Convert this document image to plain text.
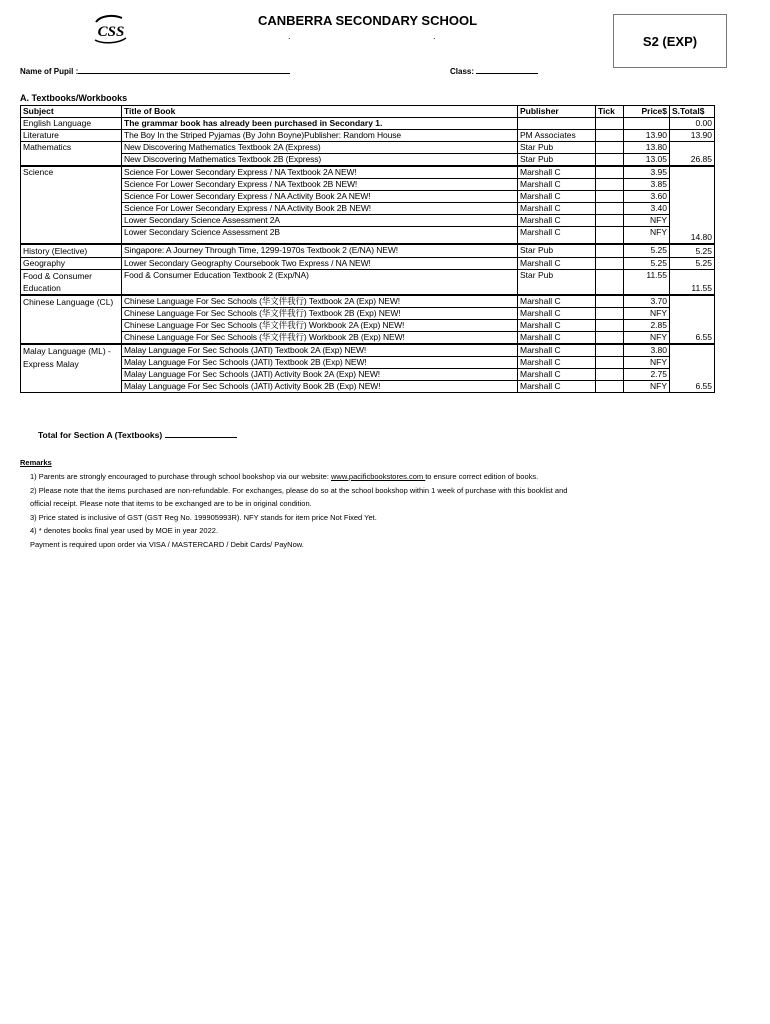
CSS
CANBERRA SECONDARY SCHOOL
. .	S2 (EXP)
Name of Pupil :	Class:
A. Textbooks/Workbooks
Subject	Title of Book	Publisher	Tick	Price$	S.Total$
English Language	The grammar book has already been purchased in Secondary 1.				0.00
Literature	The Boy In the Striped Pyjamas (By John Boyne)Publisher: Random House	PM Associates		13.90	13.90
Mathematics	New Discovering Mathematics Textbook 2A (Express)	Star Pub		13.80	26.85
	New Discovering Mathematics Textbook 2B (Express)	Star Pub		13.05	
Science	Science For Lower Secondary Express / NA Textbook 2A NEW!	Marshall C		3.95	14.80
	Science For Lower Secondary Express / NA Textbook 2B NEW!	Marshall C		3.85	
	Science For Lower Secondary Express / NA Activity Book 2A NEW!	Marshall C		3.60	
	Science For Lower Secondary Express / NA Activity Book 2B NEW!	Marshall C		3.40	
	Lower Secondary Science Assessment 2A	Marshall C		NFY	
	Lower Secondary Science Assessment 2B	Marshall C		NFY	
History (Elective)	Singapore: A Journey Through Time, 1299-1970s Textbook 2 (E/NA) NEW!	Star Pub		5.25	5.25
Geography	Lower Secondary Geography Coursebook Two Express / NA NEW!	Marshall C		5.25	5.25
Food & Consumer Education	Food & Consumer Education Textbook 2 (Exp/NA)	Star Pub		11.55	11.55
Chinese Language (CL)	Chinese Language For Sec Schools (华文伴我行) Textbook 2A (Exp) NEW!	Marshall C		3.70	6.55
	Chinese Language For Sec Schools (华文伴我行) Textbook 2B (Exp) NEW!	Marshall C		NFY	
	Chinese Language For Sec Schools (华文伴我行) Workbook 2A (Exp) NEW!	Marshall C		2.85	
	Chinese Language For Sec Schools (华文伴我行) Workbook 2B (Exp) NEW!	Marshall C		NFY	
Malay Language (ML) - Express Malay	Malay Language For Sec Schools (JATI) Textbook 2A (Exp) NEW!	Marshall C		3.80	6.55
	Malay Language For Sec Schools (JATI) Textbook 2B (Exp) NEW!	Marshall C		NFY	
	Malay Language For Sec Schools (JATI) Activity Book 2A (Exp) NEW!	Marshall C		2.75	
	Malay Language For Sec Schools (JATI) Activity Book 2B (Exp) NEW!	Marshall C		NFY	
Total for Section A (Textbooks)
Remarks
1) Parents are strongly encouraged to purchase through school bookshop via our website: www.pacificbookstores.com to ensure correct edition of books.
2) Please note that the items purchased are non-refundable. For exchanges, please do so at the school bookshop within 1 week of purchase with this booklist and
official receipt. Please note that items to be exchanged are to be in original condition.
3) Price stated is inclusive of GST (GST Reg No. 199905993R). NFY stands for item price Not Fixed Yet.
4) * denotes books final year used by MOE in year 2022.
Payment is required upon order via VISA / MASTERCARD / Debit Cards/ PayNow.
